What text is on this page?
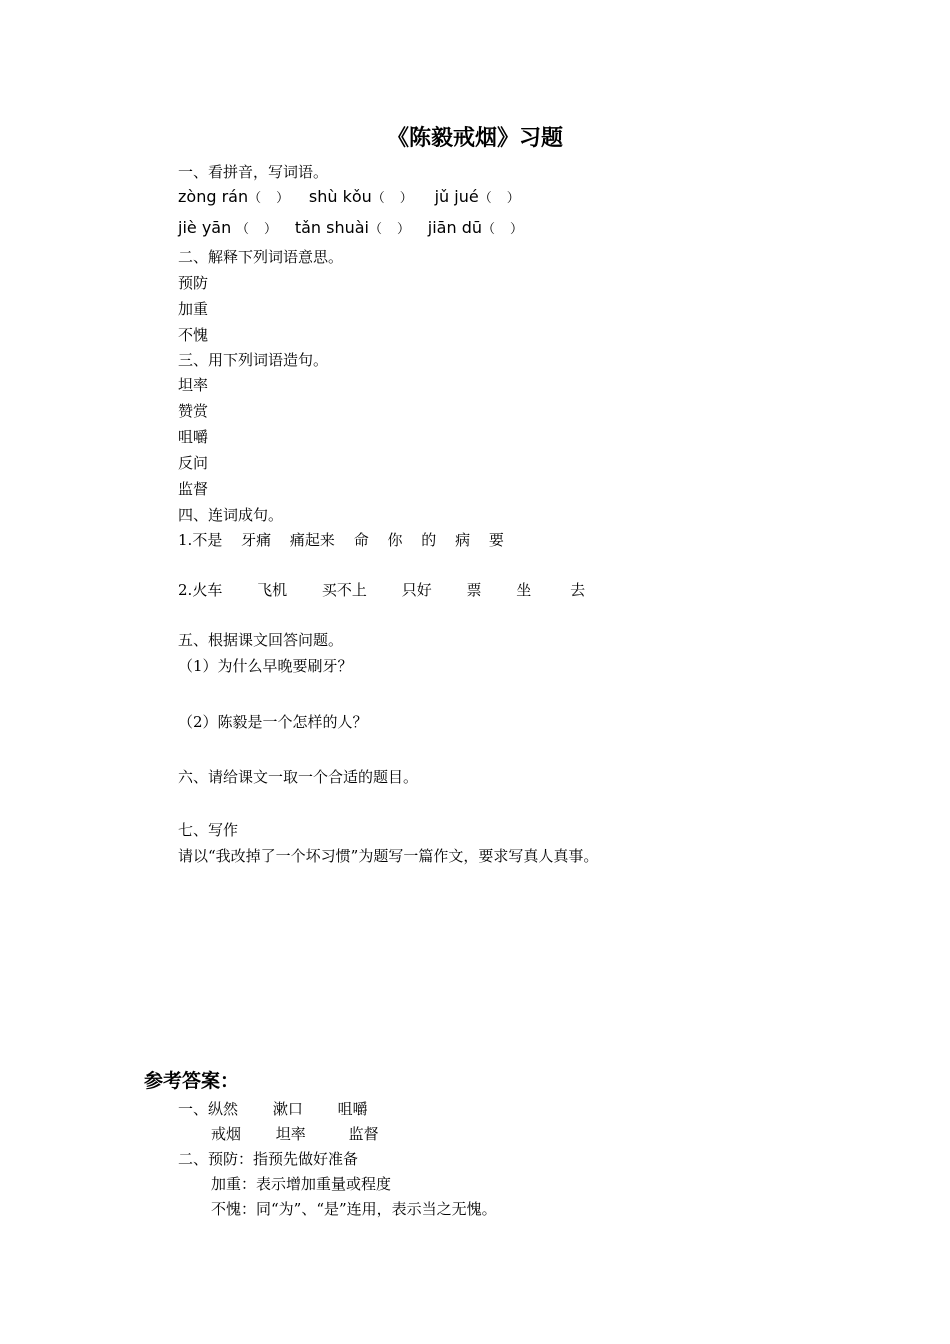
《陈毅戒烟》习题
一、看拼音，写词语。
zòng rán（　） shù kǒu（　） jǔ jué（　）
jiè yān （　） tǎn shuài（　） jiān dū（　）
二、解释下列词语意思。
预防
加重
不愧
三、用下列词语造句。
坦率
赞赏
咀嚼
反问
监督
四、连词成句。
1.不是 牙痛 痛起来 命 你 的 病 要
2.火车 飞机 买不上 只好 票 坐	去
五、根据课文回答问题。
（1）为什么早晚要刷牙？
（2）陈毅是一个怎样的人？
六、请给课文一取一个合适的题目。
七、写作
请以“我改掉了一个坏习惯”为题写一篇作文，要求写真人真事。
参考答案：
一、纵然 漱口 咀嚼
戒烟 坦率	监督
二、预防：指预先做好准备
加重：表示增加重量或程度
不愧：同“为”、“是”连用，表示当之无愧。
